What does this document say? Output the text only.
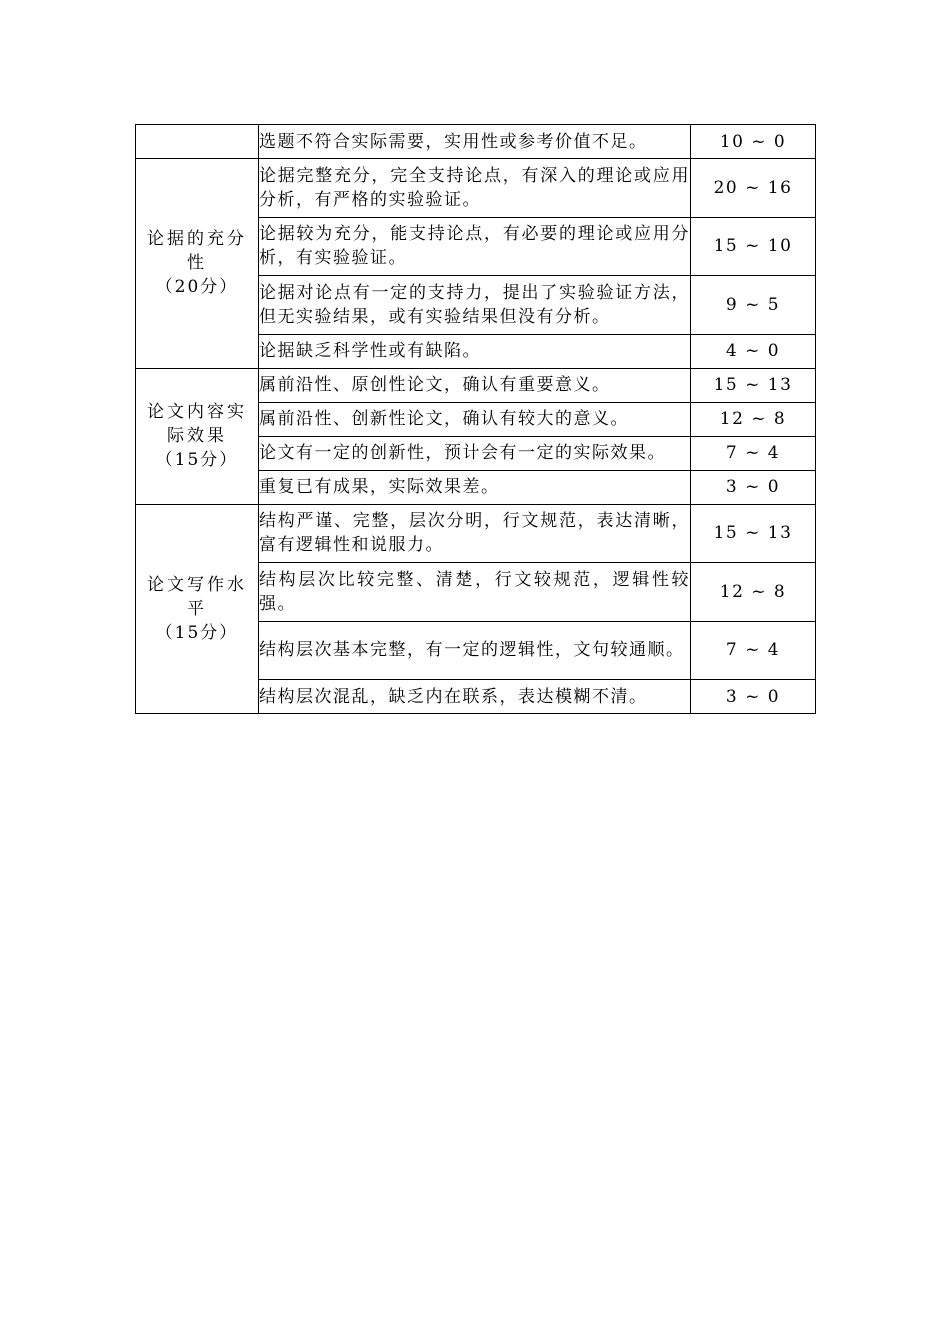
	选题不符合实际需要，实用性或参考价值不足。	10 ~ 0

论据的充分性
（20分）	论据完整充分，完全支持论点，有深入的理论或应用分析，有严格的实验验证。	20 ~ 16
	论据较为充分，能支持论点，有必要的理论或应用分析，有实验验证。	15 ~ 10
	论据对论点有一定的支持力，提出了实验验证方法，但无实验结果，或有实验结果但没有分析。	9 ~ 5
	论据缺乏科学性或有缺陷。	4 ~ 0

论文内容实际效果
（15分）	属前沿性、原创性论文，确认有重要意义。	15 ~ 13
	属前沿性、创新性论文，确认有较大的意义。	12 ~ 8
	论文有一定的创新性，预计会有一定的实际效果。	7 ~ 4
	重复已有成果，实际效果差。	3 ~ 0

论文写作水平
（15分）	结构严谨、完整，层次分明，行文规范，表达清晰，富有逻辑性和说服力。	15 ~ 13
	结构层次比较完整、清楚，行文较规范，逻辑性较强。	12 ~ 8
	结构层次基本完整，有一定的逻辑性，文句较通顺。	7 ~ 4
	结构层次混乱，缺乏内在联系，表达模糊不清。	3 ~ 0
